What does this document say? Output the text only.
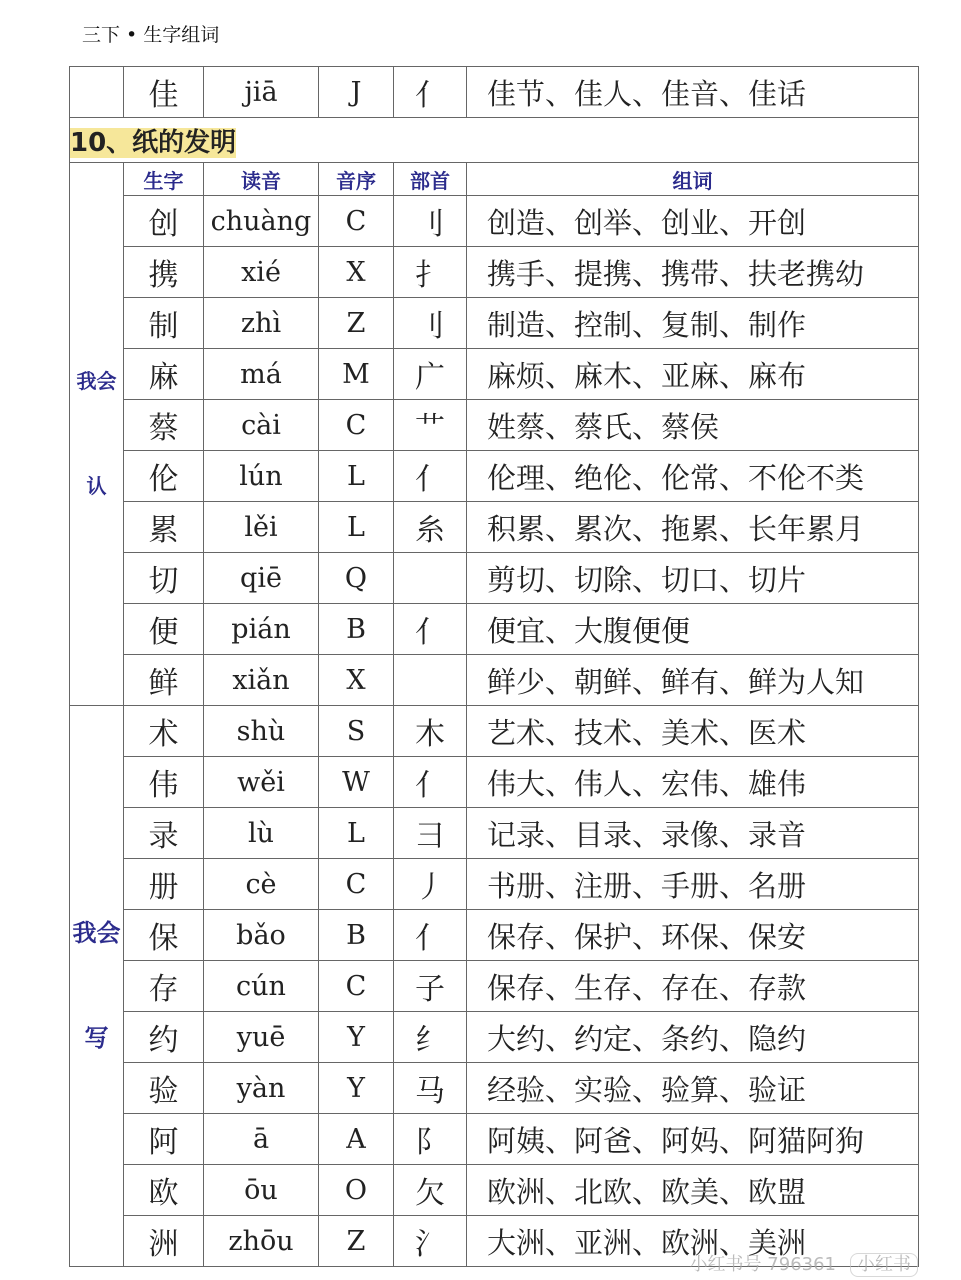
三下 • 生字组词
	佳	jiā	J	亻	佳节、佳人、佳音、佳话
10、纸的发明					
我会认	生字	读音	音序	部首	组词
	创	chuàng	C	刂	创造、创举、创业、开创
	携	xié	X	扌	携手、提携、携带、扶老携幼
	制	zhì	Z	刂	制造、控制、复制、制作
	麻	má	M	广	麻烦、麻木、亚麻、麻布
	蔡	cài	C	艹	姓蔡、蔡氏、蔡侯
	伦	lún	L	亻	伦理、绝伦、伦常、不伦不类
	累	lěi	L	糸	积累、累次、拖累、长年累月
	切	qiē	Q		剪切、切除、切口、切片
	便	pián	B	亻	便宜、大腹便便
	鲜	xiǎn	X		鲜少、朝鲜、鲜有、鲜为人知
我会写	术	shù	S	木	艺术、技术、美术、医术
	伟	wěi	W	亻	伟大、伟人、宏伟、雄伟
	录	lù	L	彐	记录、目录、录像、录音
	册	cè	C	丿	书册、注册、手册、名册
	保	bǎo	B	亻	保存、保护、环保、保安
	存	cún	C	子	保存、生存、存在、存款
	约	yuē	Y	纟	大约、约定、条约、隐约
	验	yàn	Y	马	经验、实验、验算、验证
	阿	ā	A	阝	阿姨、阿爸、阿妈、阿猫阿狗
	欧	ōu	O	欠	欧洲、北欧、欧美、欧盟
	洲	zhōu	Z	氵	大洲、亚洲、欧洲、美洲
小红书号 796361	小红书
